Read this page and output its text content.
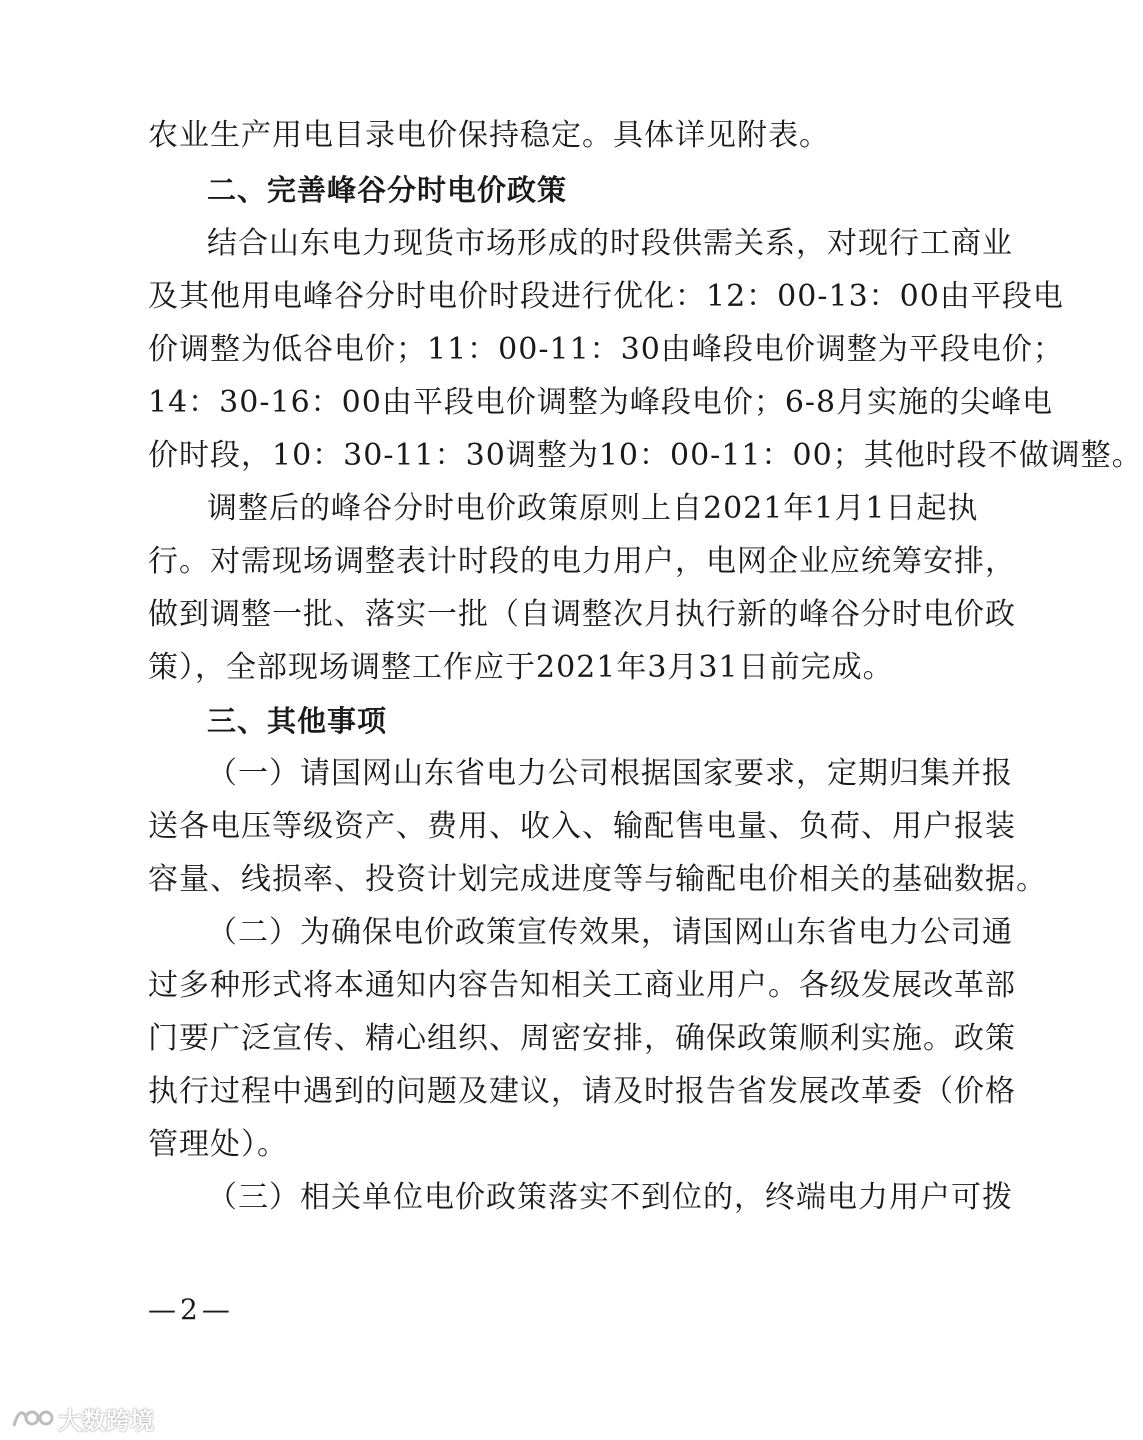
农业生产用电目录电价保持稳定。具体详见附表。
二、完善峰谷分时电价政策
结合山东电力现货市场形成的时段供需关系，对现行工商业
及其他用电峰谷分时电价时段进行优化：12：00-13：00由平段电
价调整为低谷电价；11：00-11：30由峰段电价调整为平段电价；
14：30-16：00由平段电价调整为峰段电价；6-8月实施的尖峰电
价时段，10：30-11：30调整为10：00-11：00；其他时段不做调整。
调整后的峰谷分时电价政策原则上自2021年1月1日起执
行。对需现场调整表计时段的电力用户，电网企业应统筹安排，
做到调整一批、落实一批（自调整次月执行新的峰谷分时电价政
策），全部现场调整工作应于2021年3月31日前完成。
三、其他事项
（一）请国网山东省电力公司根据国家要求，定期归集并报
送各电压等级资产、费用、收入、输配售电量、负荷、用户报装
容量、线损率、投资计划完成进度等与输配电价相关的基础数据。
（二）为确保电价政策宣传效果，请国网山东省电力公司通
过多种形式将本通知内容告知相关工商业用户。各级发展改革部
门要广泛宣传、精心组织、周密安排，确保政策顺利实施。政策
执行过程中遇到的问题及建议，请及时报告省发展改革委（价格
管理处）。
（三）相关单位电价政策落实不到位的，终端电力用户可拨
—2—
大数跨境
